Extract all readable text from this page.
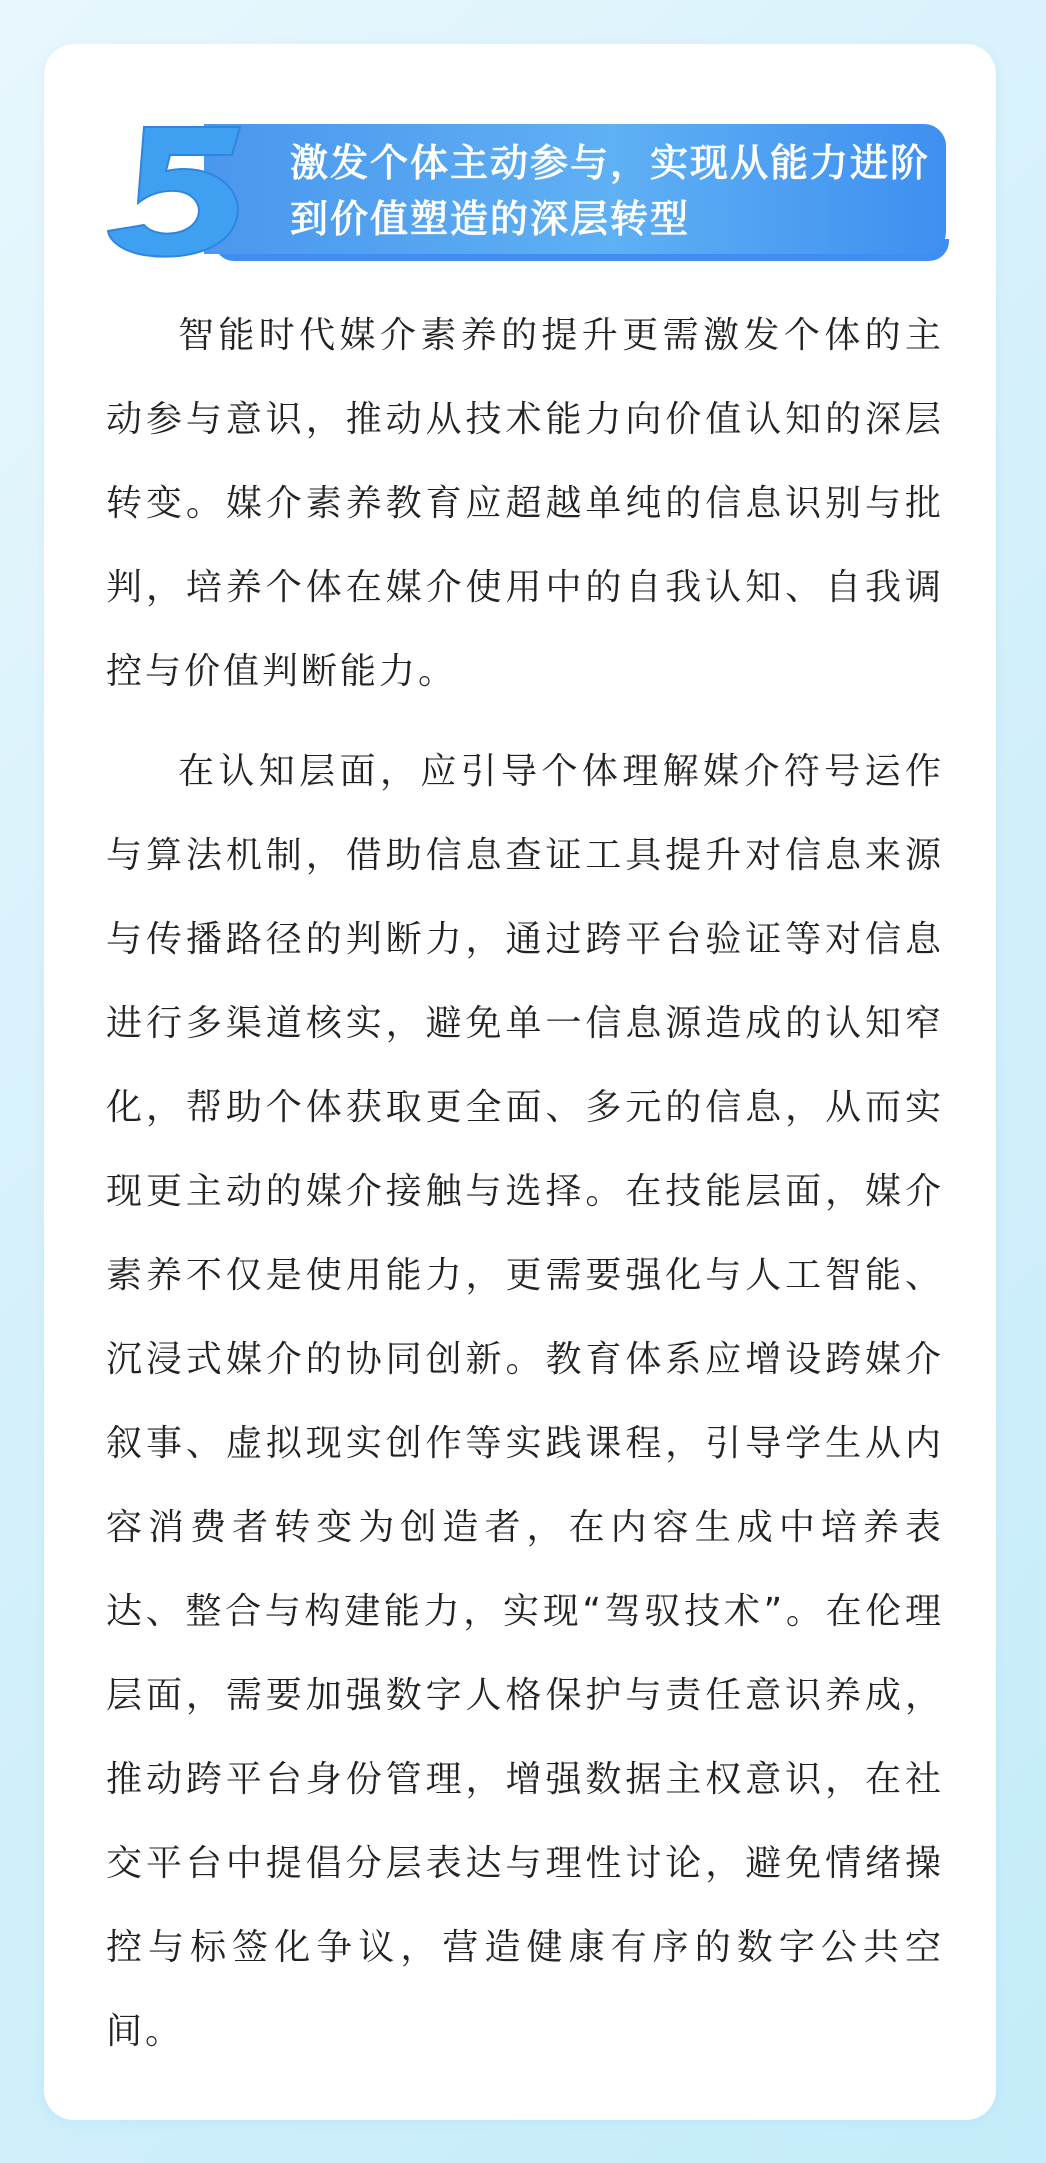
激发个体主动参与，实现从能力进阶到价值塑造的深层转型

智能时代媒介素养的提升更需激发个体的主动参与意识，推动从技术能力向价值认知的深层转变。媒介素养教育应超越单纯的信息识别与批判，培养个体在媒介使用中的自我认知、自我调控与价值判断能力。

在认知层面，应引导个体理解媒介符号运作与算法机制，借助信息查证工具提升对信息来源与传播路径的判断力，通过跨平台验证等对信息进行多渠道核实，避免单一信息源造成的认知窄化，帮助个体获取更全面、多元的信息，从而实现更主动的媒介接触与选择。在技能层面，媒介素养不仅是使用能力，更需要强化与人工智能、沉浸式媒介的协同创新。教育体系应增设跨媒介叙事、虚拟现实创作等实践课程，引导学生从内容消费者转变为创造者，在内容生成中培养表达、整合与构建能力，实现“驾驭技术”。在伦理层面，需要加强数字人格保护与责任意识养成，推动跨平台身份管理，增强数据主权意识，在社交平台中提倡分层表达与理性讨论，避免情绪操控与标签化争议，营造健康有序的数字公共空间。
